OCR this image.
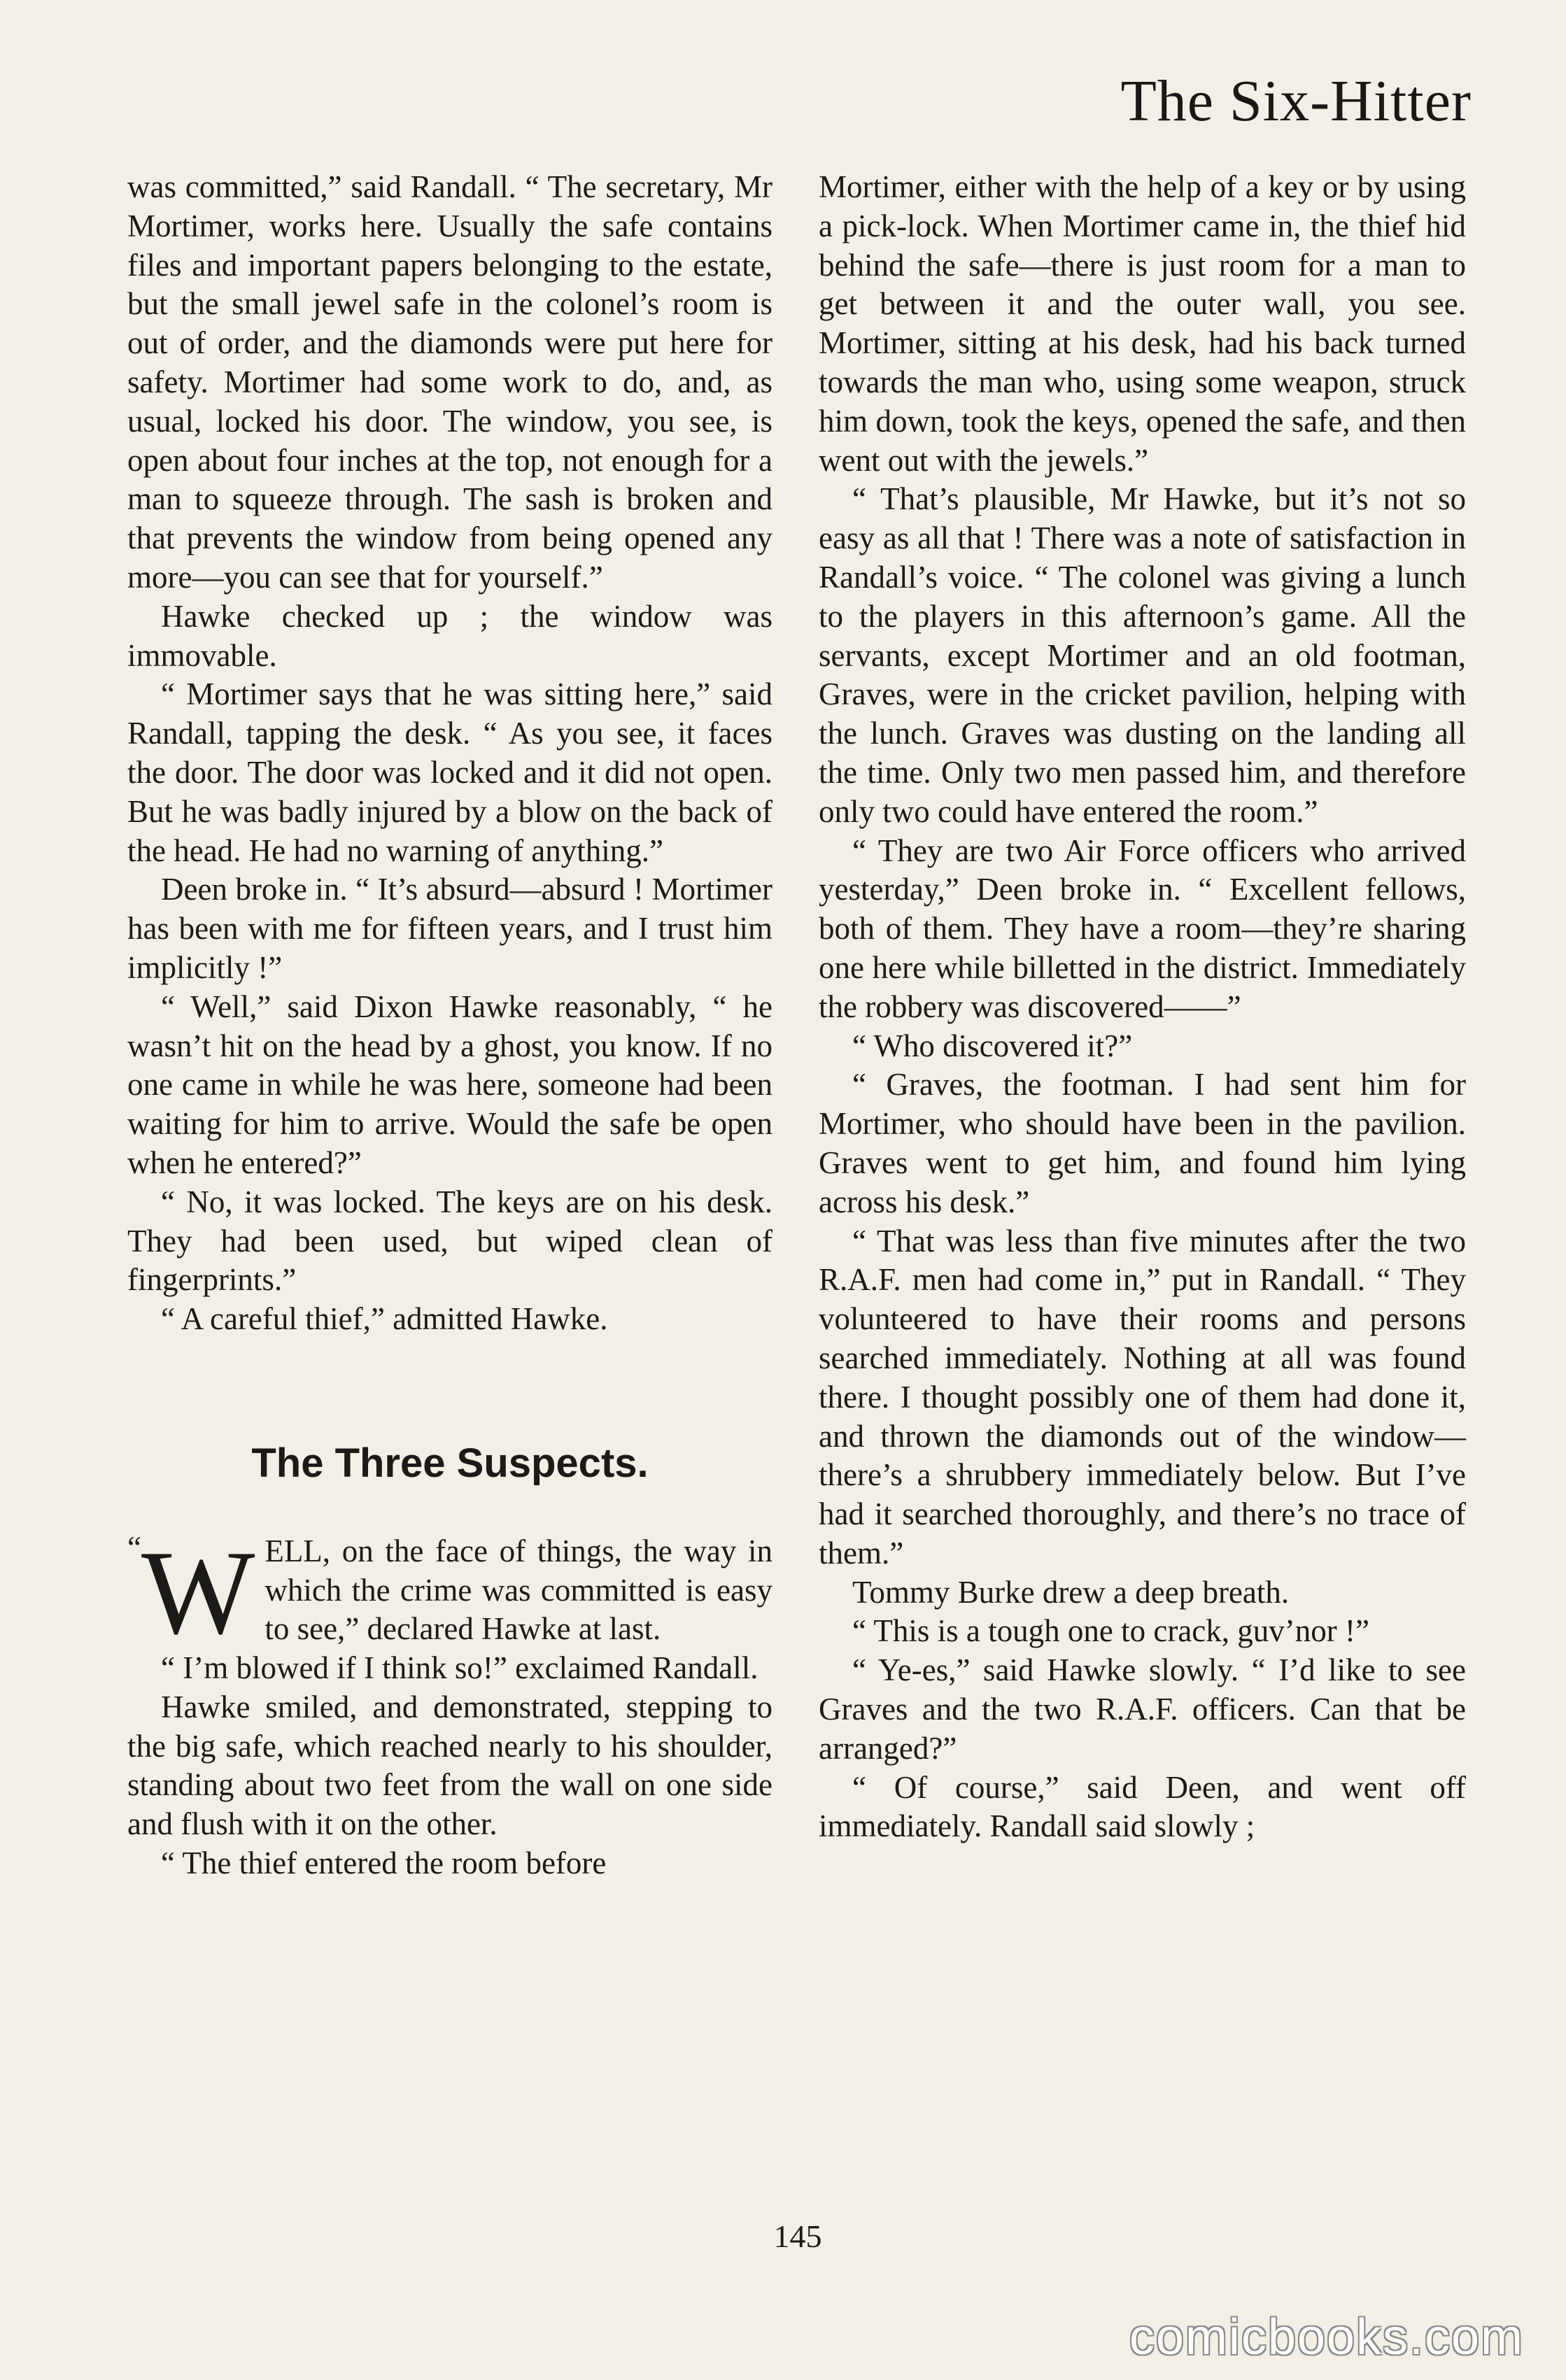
The Six-Hitter

was committed,” said Randall. “ The secretary, Mr Mortimer, works here. Usually the safe contains files and important papers belonging to the estate, but the small jewel safe in the colonel’s room is out of order, and the diamonds were put here for safety. Mortimer had some work to do, and, as usual, locked his door. The window, you see, is open about four inches at the top, not enough for a man to squeeze through. The sash is broken and that prevents the window from being opened any more—you can see that for yourself.”

Hawke checked up ; the window was immovable.

“ Mortimer says that he was sitting here,” said Randall, tapping the desk. “ As you see, it faces the door. The door was locked and it did not open. But he was badly injured by a blow on the back of the head. He had no warning of anything.”

Deen broke in. “ It’s absurd—absurd ! Mortimer has been with me for fifteen years, and I trust him implicitly !”

“ Well,” said Dixon Hawke reasonably, “ he wasn’t hit on the head by a ghost, you know. If no one came in while he was here, someone had been waiting for him to arrive. Would the safe be open when he entered?”

“ No, it was locked. The keys are on his desk. They had been used, but wiped clean of fingerprints.”

“ A careful thief,” admitted Hawke.

The Three Suspects.

“ W ELL, on the face of things, the way in which the crime was committed is easy to see,” declared Hawke at last.

“ I’m blowed if I think so!” exclaimed Randall.

Hawke smiled, and demonstrated, stepping to the big safe, which reached nearly to his shoulder, standing about two feet from the wall on one side and flush with it on the other.

“ The thief entered the room before

Mortimer, either with the help of a key or by using a pick-lock. When Mortimer came in, the thief hid behind the safe—there is just room for a man to get between it and the outer wall, you see. Mortimer, sitting at his desk, had his back turned towards the man who, using some weapon, struck him down, took the keys, opened the safe, and then went out with the jewels.”

“ That’s plausible, Mr Hawke, but it’s not so easy as all that ! There was a note of satisfaction in Randall’s voice. “ The colonel was giving a lunch to the players in this afternoon’s game. All the servants, except Mortimer and an old footman, Graves, were in the cricket pavilion, helping with the lunch. Graves was dusting on the landing all the time. Only two men passed him, and therefore only two could have entered the room.”

“ They are two Air Force officers who arrived yesterday,” Deen broke in. “ Excellent fellows, both of them. They have a room—they’re sharing one here while billetted in the district. Immediately the robbery was discovered——”

“ Who discovered it?”

“ Graves, the footman. I had sent him for Mortimer, who should have been in the pavilion. Graves went to get him, and found him lying across his desk.”

“ That was less than five minutes after the two R.A.F. men had come in,” put in Randall. “ They volunteered to have their rooms and persons searched immediately. Nothing at all was found there. I thought possibly one of them had done it, and thrown the diamonds out of the window—there’s a shrubbery immediately below. But I’ve had it searched thoroughly, and there’s no trace of them.”

Tommy Burke drew a deep breath.

“ This is a tough one to crack, guv’nor !”

“ Ye-es,” said Hawke slowly. “ I’d like to see Graves and the two R.A.F. officers. Can that be arranged?”

“ Of course,” said Deen, and went off immediately. Randall said slowly ;

145
comicbooks.com
